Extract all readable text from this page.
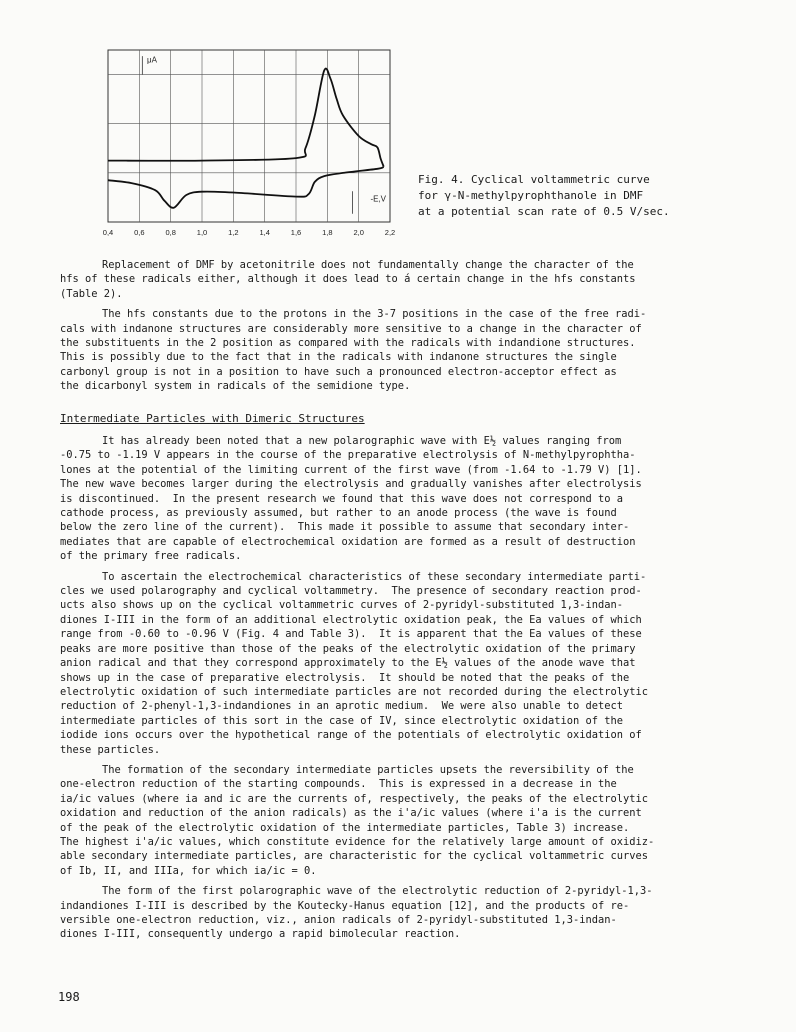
0,4	0,6	0,8	1,0	1,2	1,4	1,6	1,8	2,0	2,2
μA
-E,V
Fig. 4. Cyclical voltammetric curve
for γ-N-methylpyrophthanole in DMF
at a potential scan rate of 0.5 V/sec.
Replacement of DMF by acetonitrile does not fundamentally change the character of the
hfs of these radicals either, although it does lead to á certain change in the hfs constants
(Table 2).
The hfs constants due to the protons in the 3-7 positions in the case of the free radi-
cals with indanone structures are considerably more sensitive to a change in the character of
the substituents in the 2 position as compared with the radicals with indandione structures.
This is possibly due to the fact that in the radicals with indanone structures the single
carbonyl group is not in a position to have such a pronounced electron-acceptor effect as
the dicarbonyl system in radicals of the semidione type.
Intermediate Particles with Dimeric Structures
It has already been noted that a new polarographic wave with E½ values ranging from
-0.75 to -1.19 V appears in the course of the preparative electrolysis of N-methylpyrophtha-
lones at the potential of the limiting current of the first wave (from -1.64 to -1.79 V) [1].
The new wave becomes larger during the electrolysis and gradually vanishes after electrolysis
is discontinued.  In the present research we found that this wave does not correspond to a
cathode process, as previously assumed, but rather to an anode process (the wave is found
below the zero line of the current).  This made it possible to assume that secondary inter-
mediates that are capable of electrochemical oxidation are formed as a result of destruction
of the primary free radicals.
To ascertain the electrochemical characteristics of these secondary intermediate parti-
cles we used polarography and cyclical voltammetry.  The presence of secondary reaction prod-
ucts also shows up on the cyclical voltammetric curves of 2-pyridyl-substituted 1,3-indan-
diones I-III in the form of an additional electrolytic oxidation peak, the Ea values of which
range from -0.60 to -0.96 V (Fig. 4 and Table 3).  It is apparent that the Ea values of these
peaks are more positive than those of the peaks of the electrolytic oxidation of the primary
anion radical and that they correspond approximately to the E½ values of the anode wave that
shows up in the case of preparative electrolysis.  It should be noted that the peaks of the
electrolytic oxidation of such intermediate particles are not recorded during the electrolytic
reduction of 2-phenyl-1,3-indandiones in an aprotic medium.  We were also unable to detect
intermediate particles of this sort in the case of IV, since electrolytic oxidation of the
iodide ions occurs over the hypothetical range of the potentials of electrolytic oxidation of
these particles.
The formation of the secondary intermediate particles upsets the reversibility of the
one-electron reduction of the starting compounds.  This is expressed in a decrease in the
ia/ic values (where ia and ic are the currents of, respectively, the peaks of the electrolytic
oxidation and reduction of the anion radicals) as the i'a/ic values (where i'a is the current
of the peak of the electrolytic oxidation of the intermediate particles, Table 3) increase.
The highest i'a/ic values, which constitute evidence for the relatively large amount of oxidiz-
able secondary intermediate particles, are characteristic for the cyclical voltammetric curves
of Ib, II, and IIIa, for which ia/ic = 0.
The form of the first polarographic wave of the electrolytic reduction of 2-pyridyl-1,3-
indandiones I-III is described by the Koutecky-Hanus equation [12], and the products of re-
versible one-electron reduction, viz., anion radicals of 2-pyridyl-substituted 1,3-indan-
diones I-III, consequently undergo a rapid bimolecular reaction.
198
